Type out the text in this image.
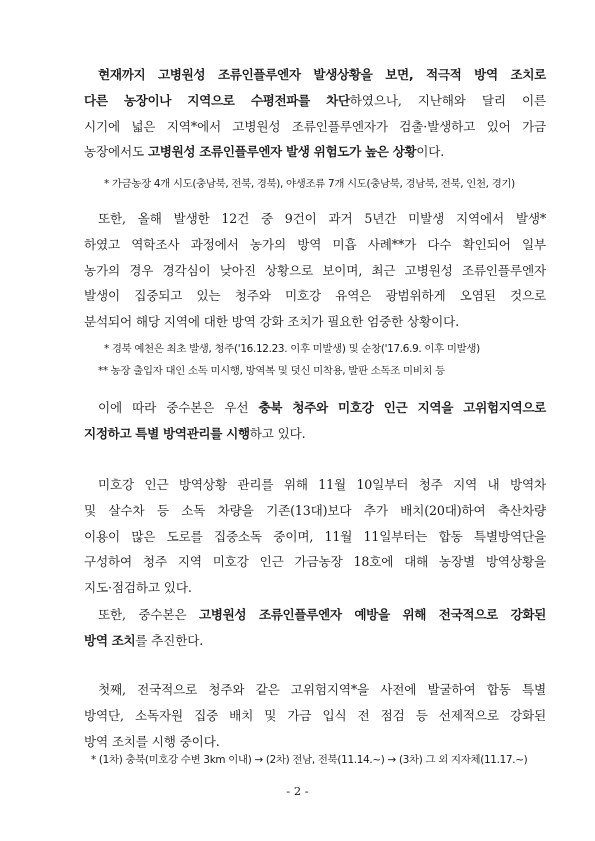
현재까지 고병원성 조류인플루엔자 발생상황을 보면, 적극적 방역 조치로
다른 농장이나 지역으로 수평전파를 차단하였으나, 지난해와 달리 이른
시기에 넓은 지역*에서 고병원성 조류인플루엔자가 검출·발생하고 있어 가금
농장에서도 고병원성 조류인플루엔자 발생 위험도가 높은 상황이다.
* 가금농장 4개 시도(충남북, 전북, 경북), 야생조류 7개 시도(충남북, 경남북, 전북, 인천, 경기)
또한, 올해 발생한 12건 중 9건이 과거 5년간 미발생 지역에서 발생*
하였고 역학조사 과정에서 농가의 방역 미흡 사례**가 다수 확인되어 일부
농가의 경우 경각심이 낮아진 상황으로 보이며, 최근 고병원성 조류인플루엔자
발생이 집중되고 있는 청주와 미호강 유역은 광범위하게 오염된 것으로
분석되어 해당 지역에 대한 방역 강화 조치가 필요한 엄중한 상황이다.
* 경북 예천은 최초 발생, 청주('16.12.23. 이후 미발생) 및 순창('17.6.9. 이후 미발생)
** 농장 출입자 대인 소독 미시행, 방역복 및 덧신 미착용, 발판 소독조 미비치 등
이에 따라 중수본은 우선 충북 청주와 미호강 인근 지역을 고위험지역으로
지정하고 특별 방역관리를 시행하고 있다.
미호강 인근 방역상황 관리를 위해 11월 10일부터 청주 지역 내 방역차
및 살수차 등 소독 차량을 기존(13대)보다 추가 배치(20대)하여 축산차량
이용이 많은 도로를 집중소독 중이며, 11월 11일부터는 합동 특별방역단을
구성하여 청주 지역 미호강 인근 가금농장 18호에 대해 농장별 방역상황을
지도·점검하고 있다.
또한, 중수본은 고병원성 조류인플루엔자 예방을 위해 전국적으로 강화된
방역 조치를 추진한다.
첫째, 전국적으로 청주와 같은 고위험지역*을 사전에 발굴하여 합동 특별
방역단, 소독자원 집중 배치 및 가금 입식 전 점검 등 선제적으로 강화된
방역 조치를 시행 중이다.
* (1차) 충북(미호강 수변 3km 이내) → (2차) 전남, 전북(11.14.~) → (3차) 그 외 지자체(11.17.~)
- 2 -
